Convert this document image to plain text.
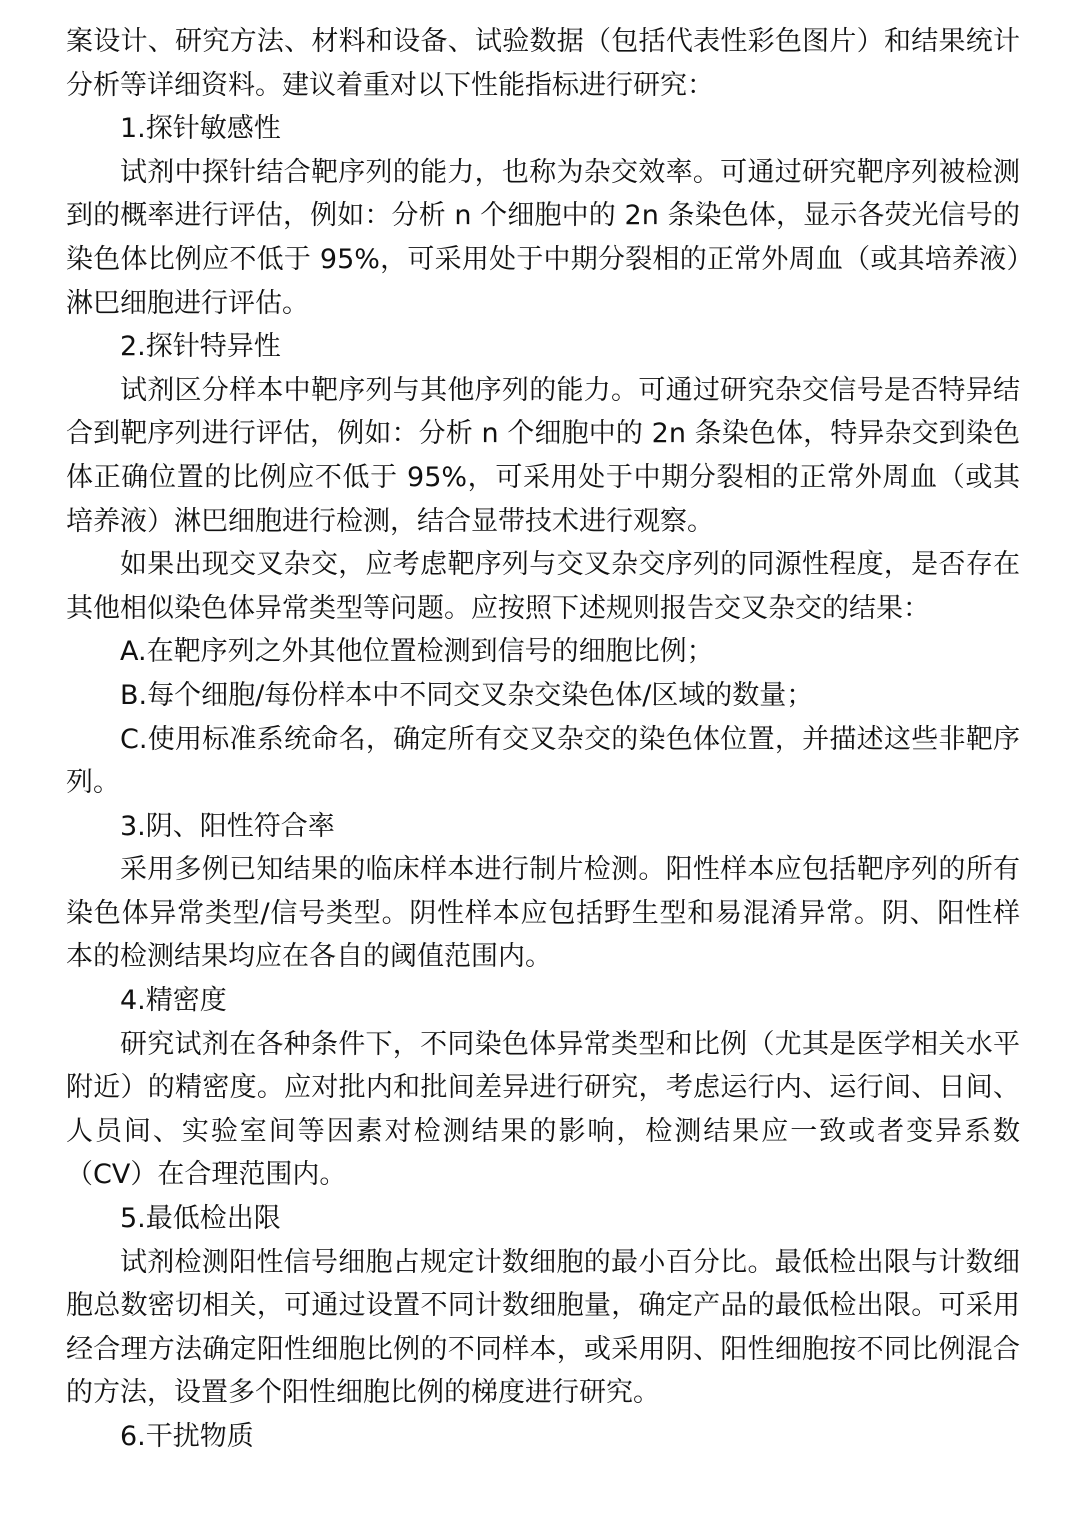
案设计、研究方法、材料和设备、试验数据（包括代表性彩色图片）和结果统计分析等详细资料。建议着重对以下性能指标进行研究：

1.探针敏感性

试剂中探针结合靶序列的能力，也称为杂交效率。可通过研究靶序列被检测到的概率进行评估，例如：分析 n 个细胞中的 2n 条染色体，显示各荧光信号的染色体比例应不低于 95%，可采用处于中期分裂相的正常外周血（或其培养液）淋巴细胞进行评估。

2.探针特异性

试剂区分样本中靶序列与其他序列的能力。可通过研究杂交信号是否特异结合到靶序列进行评估，例如：分析 n 个细胞中的 2n 条染色体，特异杂交到染色体正确位置的比例应不低于 95%，可采用处于中期分裂相的正常外周血（或其培养液）淋巴细胞进行检测，结合显带技术进行观察。

如果出现交叉杂交，应考虑靶序列与交叉杂交序列的同源性程度，是否存在其他相似染色体异常类型等问题。应按照下述规则报告交叉杂交的结果：

A.在靶序列之外其他位置检测到信号的细胞比例；

B.每个细胞/每份样本中不同交叉杂交染色体/区域的数量；

C.使用标准系统命名，确定所有交叉杂交的染色体位置，并描述这些非靶序列。

3.阴、阳性符合率

采用多例已知结果的临床样本进行制片检测。阳性样本应包括靶序列的所有染色体异常类型/信号类型。阴性样本应包括野生型和易混淆异常。阴、阳性样本的检测结果均应在各自的阈值范围内。

4.精密度

研究试剂在各种条件下，不同染色体异常类型和比例（尤其是医学相关水平附近）的精密度。应对批内和批间差异进行研究，考虑运行内、运行间、日间、人员间、实验室间等因素对检测结果的影响，检测结果应一致或者变异系数（CV）在合理范围内。

5.最低检出限

试剂检测阳性信号细胞占规定计数细胞的最小百分比。最低检出限与计数细胞总数密切相关，可通过设置不同计数细胞量，确定产品的最低检出限。可采用经合理方法确定阳性细胞比例的不同样本，或采用阴、阳性细胞按不同比例混合的方法，设置多个阳性细胞比例的梯度进行研究。

6.干扰物质
